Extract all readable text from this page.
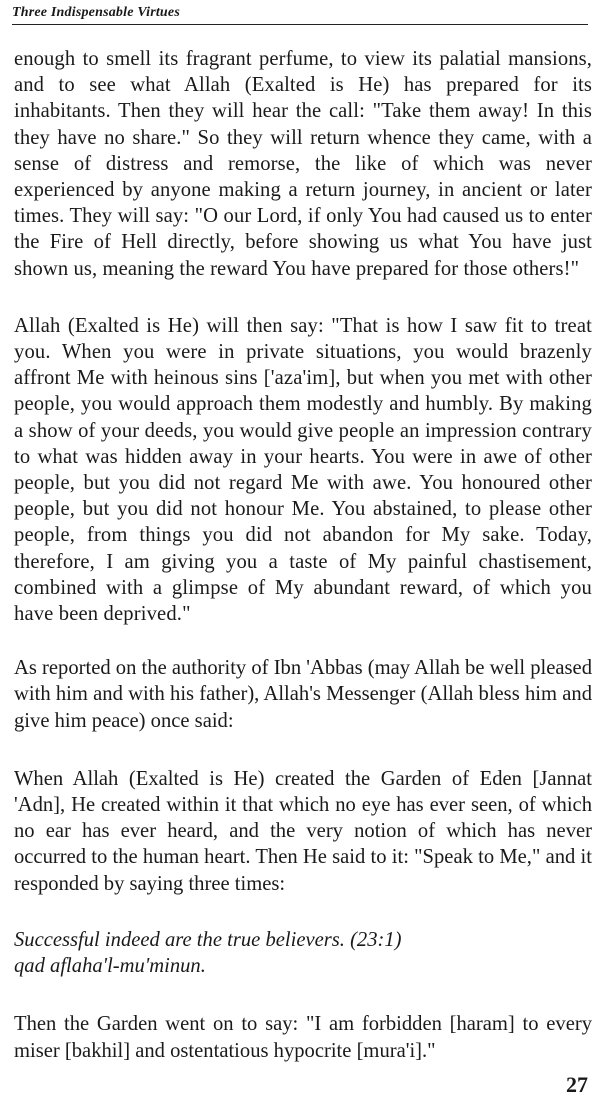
Three Indispensable Virtues

enough to smell its fragrant perfume, to view its palatial mansions, and to see what Allah (Exalted is He) has prepared for its inhabitants. Then they will hear the call: "Take them away! In this they have no share." So they will return whence they came, with a sense of distress and remorse, the like of which was never experienced by anyone making a return journey, in ancient or later times. They will say: "O our Lord, if only You had caused us to enter the Fire of Hell directly, before showing us what You have just shown us, meaning the reward You have prepared for those others!"

Allah (Exalted is He) will then say: "That is how I saw fit to treat you. When you were in private situations, you would brazenly affront Me with heinous sins ['aza'im], but when you met with other people, you would approach them modestly and humbly. By making a show of your deeds, you would give people an impression contrary to what was hidden away in your hearts. You were in awe of other people, but you did not regard Me with awe. You honoured other people, but you did not honour Me. You abstained, to please other people, from things you did not abandon for My sake. Today, therefore, I am giving you a taste of My painful chastisement, combined with a glimpse of My abundant reward, of which you have been deprived."

As reported on the authority of Ibn 'Abbas (may Allah be well pleased with him and with his father), Allah's Messenger (Allah bless him and give him peace) once said:

When Allah (Exalted is He) created the Garden of Eden [Jannat 'Adn], He created within it that which no eye has ever seen, of which no ear has ever heard, and the very notion of which has never occurred to the human heart. Then He said to it: "Speak to Me," and it responded by saying three times:

Successful indeed are the true believers. (23:1)
qad aflaha'l-mu'minun.

Then the Garden went on to say: "I am forbidden [haram] to every miser [bakhil] and ostentatious hypocrite [mura'i]."

27
